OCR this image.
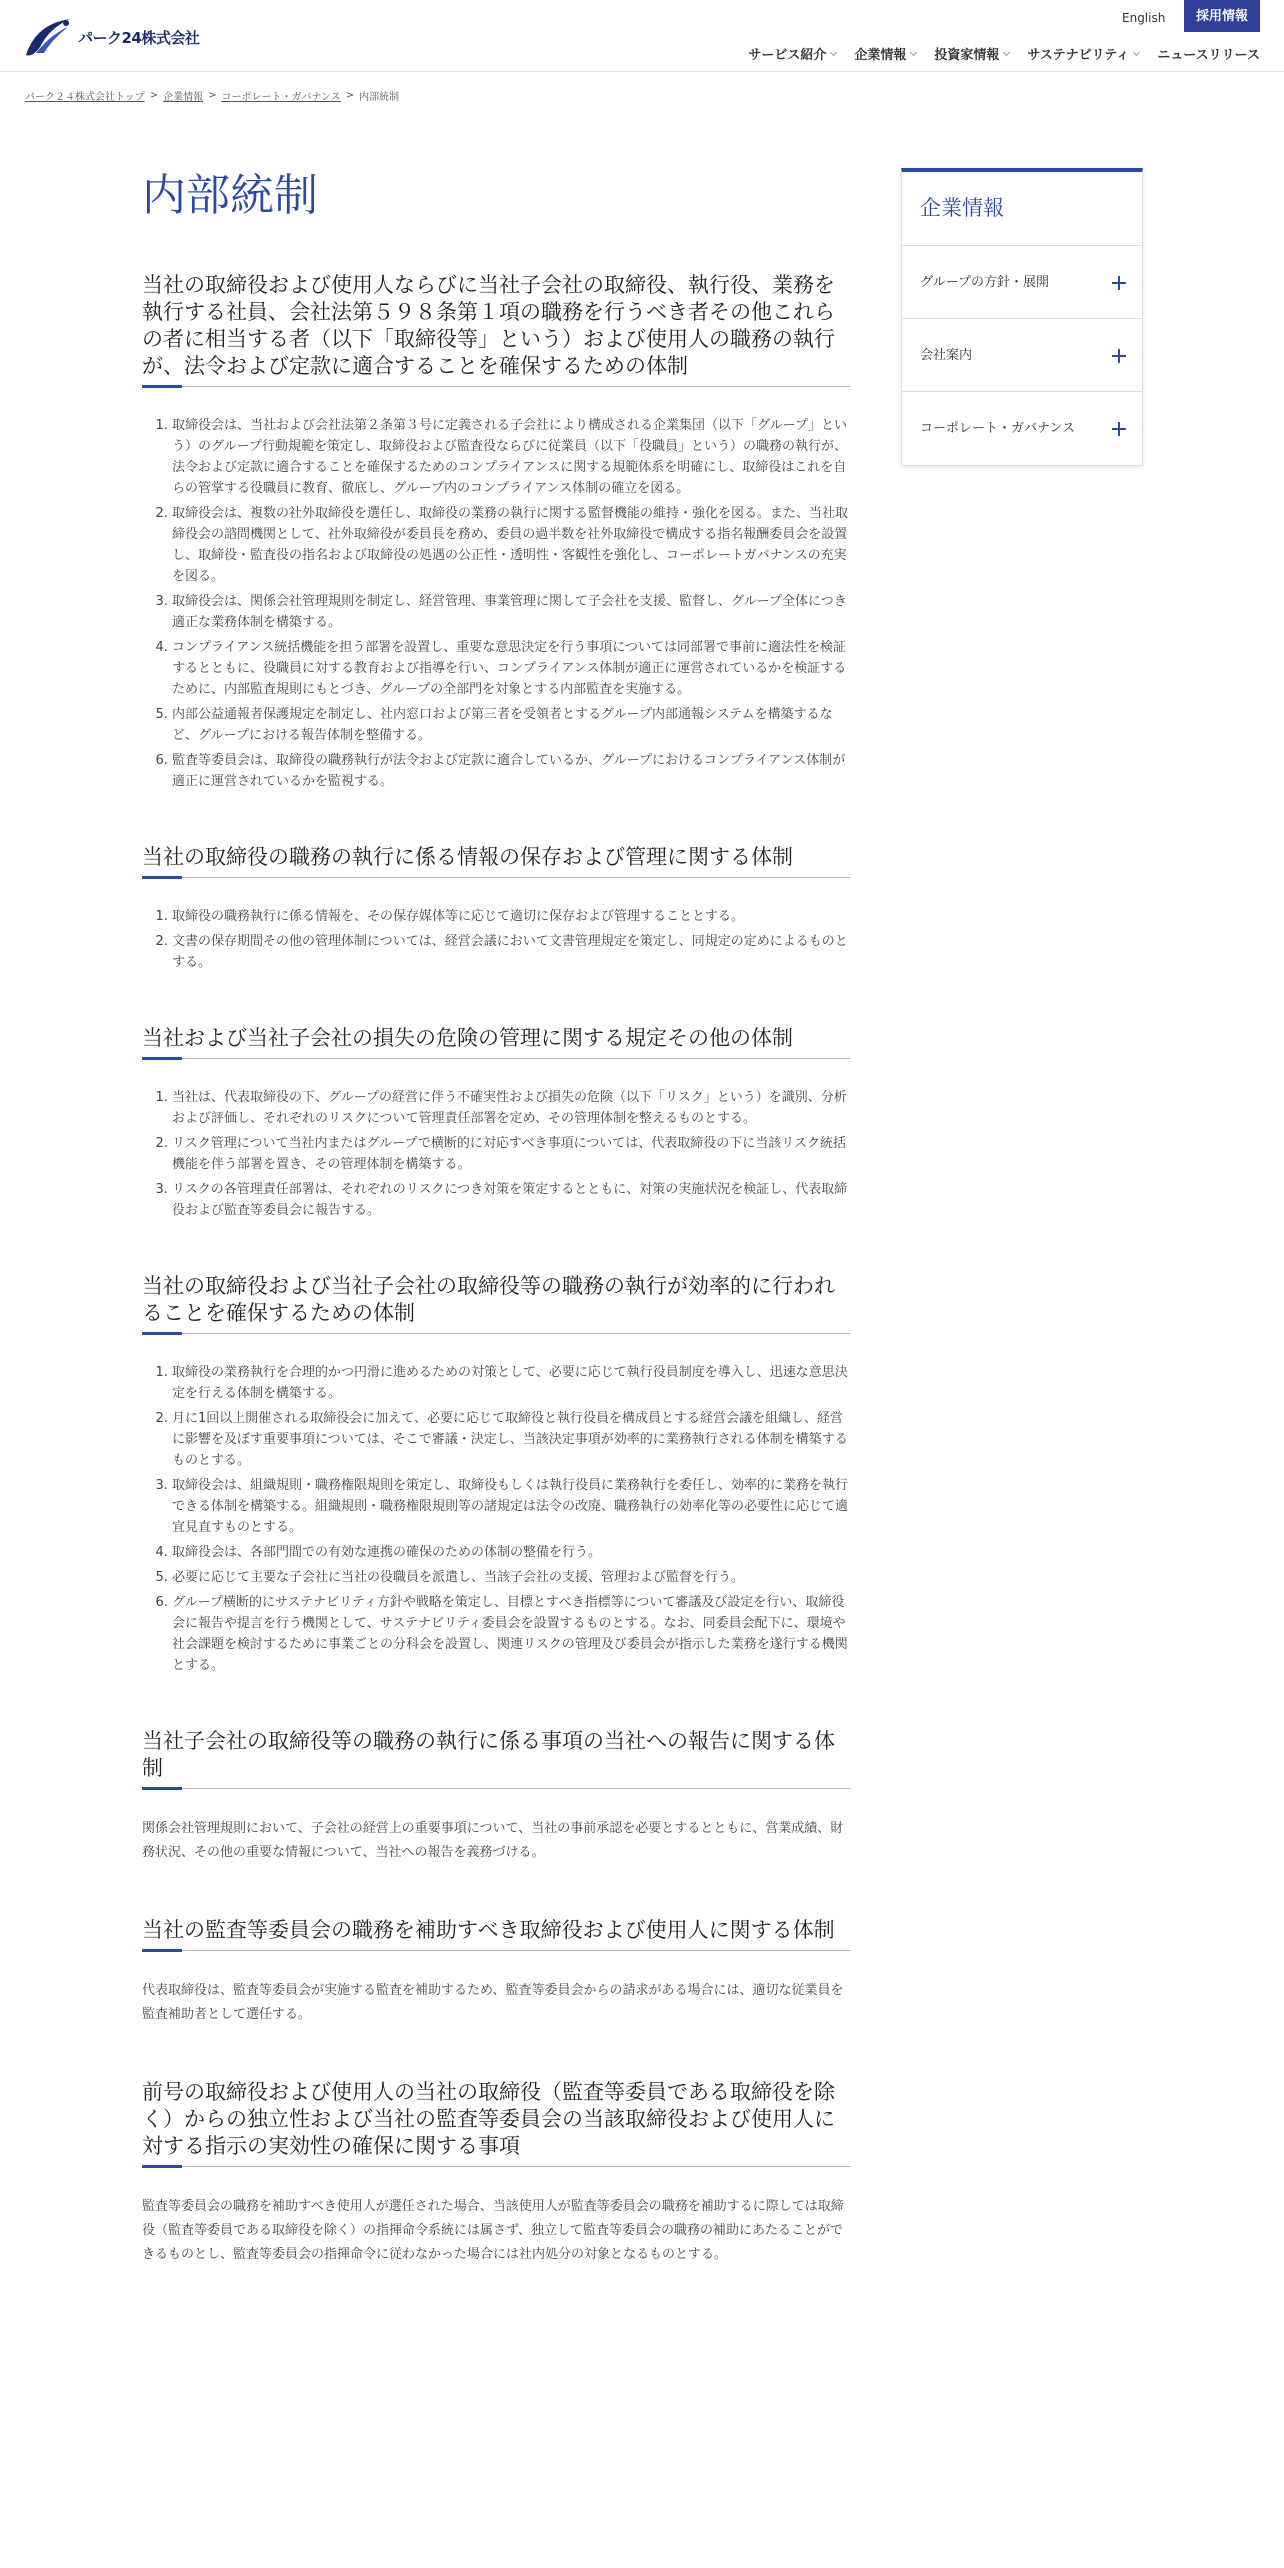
パーク24株式会社
English	採用情報
サービス紹介 企業情報 投資家情報 サステナビリティ ニュースリリース
パーク２４株式会社トップ > 企業情報 > コーポレート・ガバナンス > 内部統制
内部統制
当社の取締役および使用人ならびに当社子会社の取締役、執行役、業務を執行する社員、会社法第５９８条第１項の職務を行うべき者その他これらの者に相当する者（以下「取締役等」という）および使用人の職務の執行が、法令および定款に適合することを確保するための体制
1. 取締役会は、当社および会社法第２条第３号に定義される子会社により構成される企業集団（以下「グループ」という）のグループ行動規範を策定し、取締役および監査役ならびに従業員（以下「役職員」という）の職務の執行が、法令および定款に適合することを確保するためのコンプライアンスに関する規範体系を明確にし、取締役はこれを自らの管掌する役職員に教育、徹底し、グループ内のコンプライアンス体制の確立を図る。
2. 取締役会は、複数の社外取締役を選任し、取締役の業務の執行に関する監督機能の維持・強化を図る。また、当社取締役会の諮問機関として、社外取締役が委員長を務め、委員の過半数を社外取締役で構成する指名報酬委員会を設置し、取締役・監査役の指名および取締役の処遇の公正性・透明性・客観性を強化し、コーポレートガバナンスの充実を図る。
3. 取締役会は、関係会社管理規則を制定し、経営管理、事業管理に関して子会社を支援、監督し、グループ全体につき適正な業務体制を構築する。
4. コンプライアンス統括機能を担う部署を設置し、重要な意思決定を行う事項については同部署で事前に適法性を検証するとともに、役職員に対する教育および指導を行い、コンプライアンス体制が適正に運営されているかを検証するために、内部監査規則にもとづき、グループの全部門を対象とする内部監査を実施する。
5. 内部公益通報者保護規定を制定し、社内窓口および第三者を受領者とするグループ内部通報システムを構築するなど、グループにおける報告体制を整備する。
6. 監査等委員会は、取締役の職務執行が法令および定款に適合しているか、グループにおけるコンプライアンス体制が適正に運営されているかを監視する。
当社の取締役の職務の執行に係る情報の保存および管理に関する体制
1. 取締役の職務執行に係る情報を、その保存媒体等に応じて適切に保存および管理することとする。
2. 文書の保存期間その他の管理体制については、経営会議において文書管理規定を策定し、同規定の定めによるものとする。
当社および当社子会社の損失の危険の管理に関する規定その他の体制
1. 当社は、代表取締役の下、グループの経営に伴う不確実性および損失の危険（以下「リスク」という）を識別、分析および評価し、それぞれのリスクについて管理責任部署を定め、その管理体制を整えるものとする。
2. リスク管理について当社内またはグループで横断的に対応すべき事項については、代表取締役の下に当該リスク統括機能を伴う部署を置き、その管理体制を構築する。
3. リスクの各管理責任部署は、それぞれのリスクにつき対策を策定するとともに、対策の実施状況を検証し、代表取締役および監査等委員会に報告する。
当社の取締役および当社子会社の取締役等の職務の執行が効率的に行われることを確保するための体制
1. 取締役の業務執行を合理的かつ円滑に進めるための対策として、必要に応じて執行役員制度を導入し、迅速な意思決定を行える体制を構築する。
2. 月に1回以上開催される取締役会に加えて、必要に応じて取締役と執行役員を構成員とする経営会議を組織し、経営に影響を及ぼす重要事項については、そこで審議・決定し、当該決定事項が効率的に業務執行される体制を構築するものとする。
3. 取締役会は、組織規則・職務権限規則を策定し、取締役もしくは執行役員に業務執行を委任し、効率的に業務を執行できる体制を構築する。組織規則・職務権限規則等の諸規定は法令の改廃、職務執行の効率化等の必要性に応じて適宜見直すものとする。
4. 取締役会は、各部門間での有効な連携の確保のための体制の整備を行う。
5. 必要に応じて主要な子会社に当社の役職員を派遣し、当該子会社の支援、管理および監督を行う。
6. グループ横断的にサステナビリティ方針や戦略を策定し、目標とすべき指標等について審議及び設定を行い、取締役会に報告や提言を行う機関として、サステナビリティ委員会を設置するものとする。なお、同委員会配下に、環境や社会課題を検討するために事業ごとの分科会を設置し、関連リスクの管理及び委員会が指示した業務を遂行する機関とする。
当社子会社の取締役等の職務の執行に係る事項の当社への報告に関する体制

関係会社管理規則において、子会社の経営上の重要事項について、当社の事前承認を必要とするとともに、営業成績、財務状況、その他の重要な情報について、当社への報告を義務づける。

当社の監査等委員会の職務を補助すべき取締役および使用人に関する体制

代表取締役は、監査等委員会が実施する監査を補助するため、監査等委員会からの請求がある場合には、適切な従業員を監査補助者として選任する。

前号の取締役および使用人の当社の取締役（監査等委員である取締役を除く）からの独立性および当社の監査等委員会の当該取締役および使用人に対する指示の実効性の確保に関する事項

監査等委員会の職務を補助すべき使用人が選任された場合、当該使用人が監査等委員会の職務を補助するに際しては取締役（監査等委員である取締役を除く）の指揮命令系統には属さず、独立して監査等委員会の職務の補助にあたることができるものとし、監査等委員会の指揮命令に従わなかった場合には社内処分の対象となるものとする。

企業情報
グループの方針・展開
会社案内
コーポレート・ガバナンス
